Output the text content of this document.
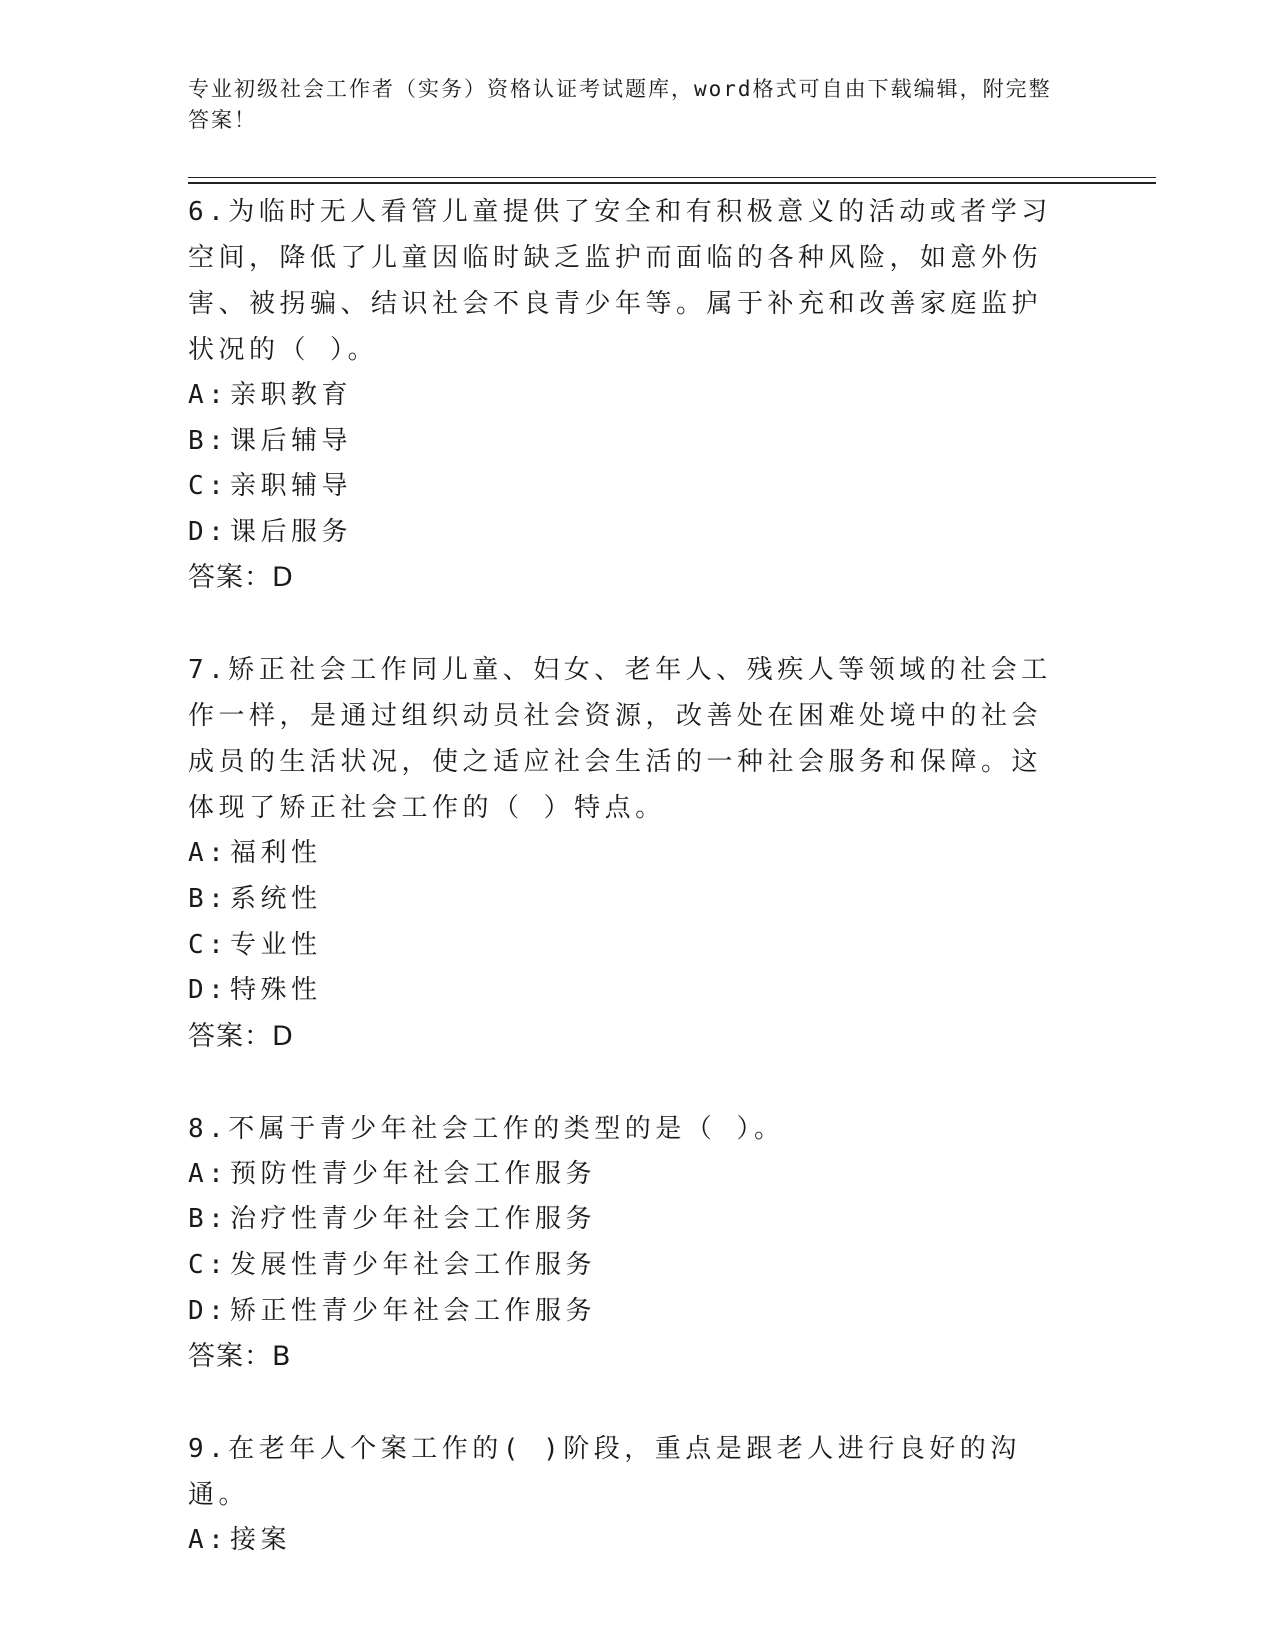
专业初级社会工作者（实务）资格认证考试题库，word格式可自由下载编辑，附完整答案！
6.为临时无人看管儿童提供了安全和有积极意义的活动或者学习空间，降低了儿童因临时缺乏监护而面临的各种风险，如意外伤害、被拐骗、结识社会不良青少年等。属于补充和改善家庭监护状况的（ ）。
A:亲职教育
B:课后辅导
C:亲职辅导
D:课后服务
答案：D
7.矫正社会工作同儿童、妇女、老年人、残疾人等领域的社会工作一样，是通过组织动员社会资源，改善处在困难处境中的社会成员的生活状况，使之适应社会生活的一种社会服务和保障。这体现了矫正社会工作的（ ）特点。
A:福利性
B:系统性
C:专业性
D:特殊性
答案：D
8.不属于青少年社会工作的类型的是（ ）。
A:预防性青少年社会工作服务
B:治疗性青少年社会工作服务
C:发展性青少年社会工作服务
D:矫正性青少年社会工作服务
答案：B
9.在老年人个案工作的( )阶段，重点是跟老人进行良好的沟通。
A:接案
